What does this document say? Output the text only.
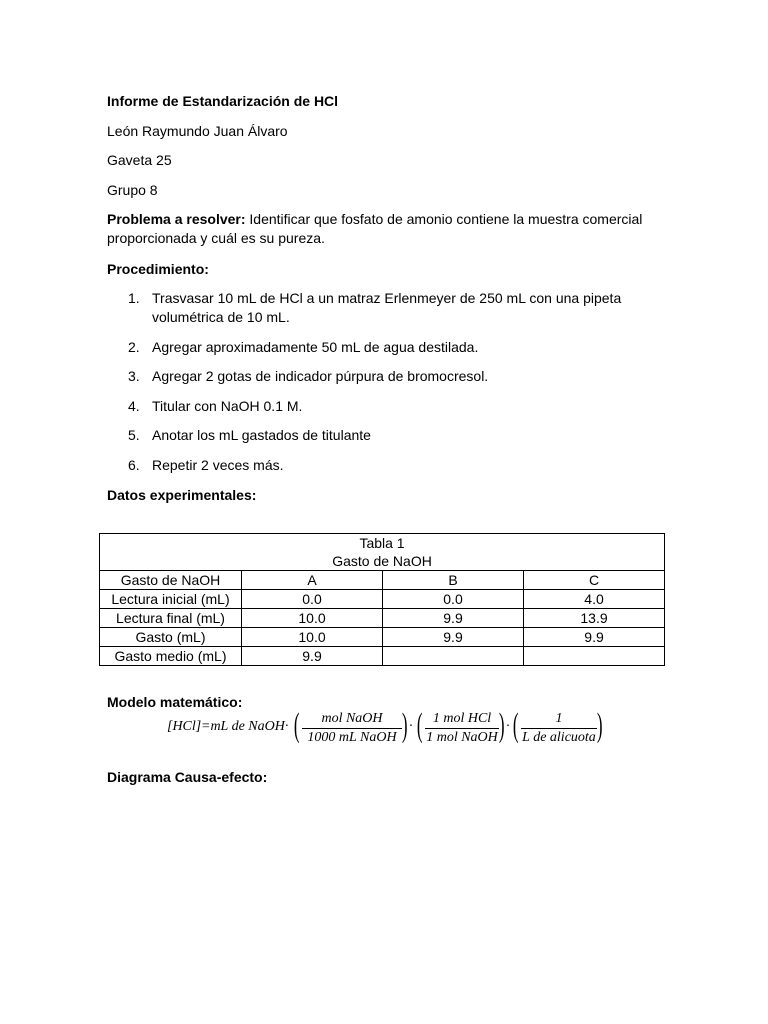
Informe de Estandarización de HCl
León Raymundo Juan Álvaro
Gaveta 25
Grupo 8
Problema a resolver: Identificar que fosfato de amonio contiene la muestra comercial proporcionada y cuál es su pureza.
Procedimiento:
1. Trasvasar 10 mL de HCl a un matraz Erlenmeyer de 250 mL con una pipeta volumétrica de 10 mL.
2. Agregar aproximadamente 50 mL de agua destilada.
3. Agregar 2 gotas de indicador púrpura de bromocresol.
4. Titular con NaOH 0.1 M.
5. Anotar los mL gastados de titulante
6. Repetir 2 veces más.
Datos experimentales:
Tabla 1
Gasto de NaOH			
Gasto de NaOH	A	B	C
Lectura inicial (mL)	0.0	0.0	4.0
Lectura final (mL)	10.0	9.9	13.9
Gasto (mL)	10.0	9.9	9.9
Gasto medio (mL)	9.9		
Modelo matemático:
[HCl] =mL de NaOH· (	mol NaOH
1000 mL NaOH ) · ( 1 mol HCl
1 mol NaOH ) · (	1
L de alicuota )
Diagrama Causa-efecto:
